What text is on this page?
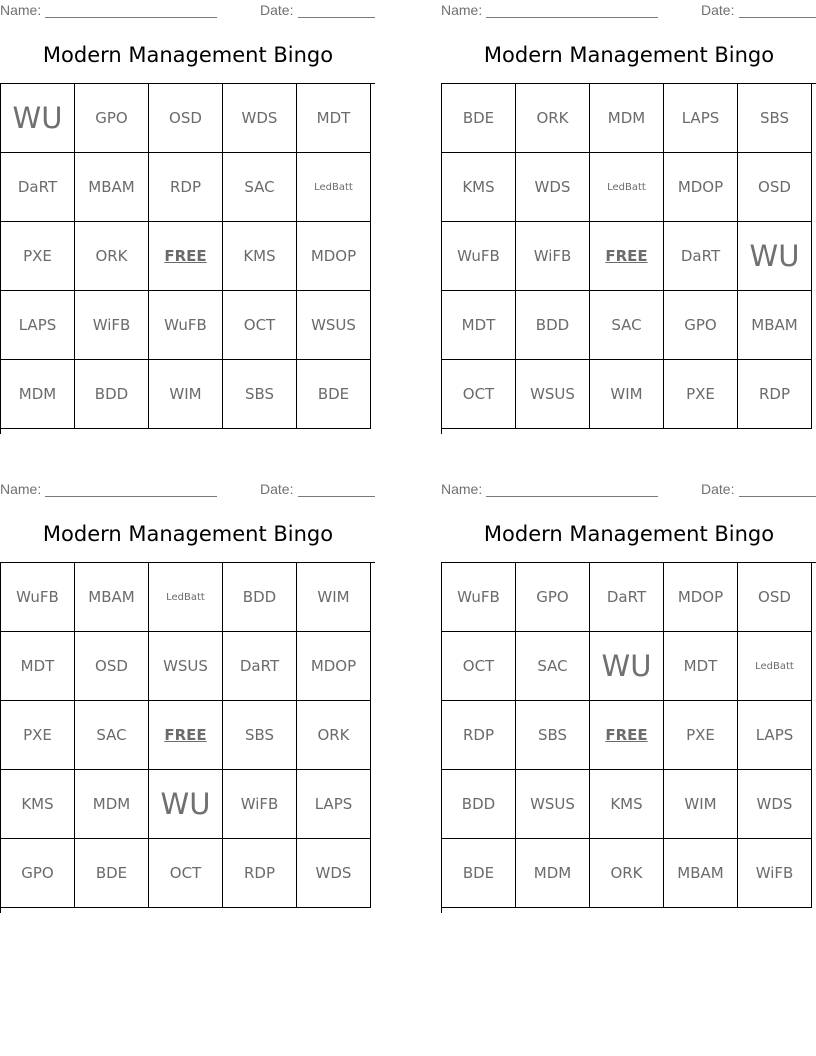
Name:	Date:
Modern Management Bingo
WU	GPO	OSD	WDS	MDT
DaRT	MBAM	RDP	SAC	LedBatt
PXE	ORK	FREE	KMS	MDOP
LAPS	WiFB	WuFB	OCT	WSUS
MDM	BDD	WIM	SBS	BDE
Name:	Date:
Modern Management Bingo
BDE	ORK	MDM	LAPS	SBS
KMS	WDS	LedBatt	MDOP	OSD
WuFB	WiFB	FREE	DaRT	WU
MDT	BDD	SAC	GPO	MBAM
OCT	WSUS	WIM	PXE	RDP
Name:	Date:
Modern Management Bingo
WuFB	MBAM	LedBatt	BDD	WIM
MDT	OSD	WSUS	DaRT	MDOP
PXE	SAC	FREE	SBS	ORK
KMS	MDM	WU	WiFB	LAPS
GPO	BDE	OCT	RDP	WDS
Name:	Date:
Modern Management Bingo
WuFB	GPO	DaRT	MDOP	OSD
OCT	SAC	WU	MDT	LedBatt
RDP	SBS	FREE	PXE	LAPS
BDD	WSUS	KMS	WIM	WDS
BDE	MDM	ORK	MBAM	WiFB
